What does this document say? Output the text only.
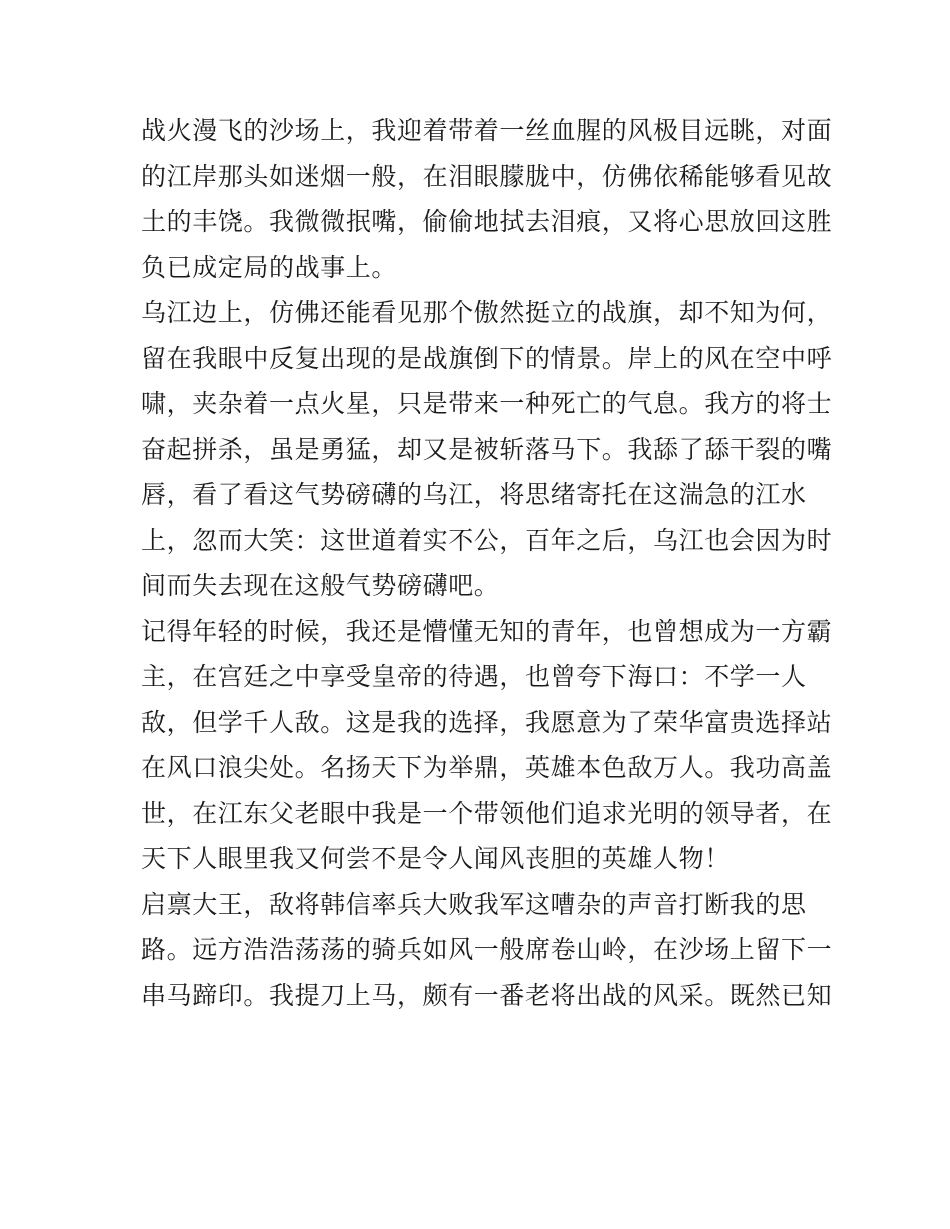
战火漫飞的沙场上，我迎着带着一丝血腥的风极目远眺，对面
的江岸那头如迷烟一般，在泪眼朦胧中，仿佛依稀能够看见故
土的丰饶。我微微抿嘴，偷偷地拭去泪痕，又将心思放回这胜
负已成定局的战事上。
乌江边上，仿佛还能看见那个傲然挺立的战旗，却不知为何，
留在我眼中反复出现的是战旗倒下的情景。岸上的风在空中呼
啸，夹杂着一点火星，只是带来一种死亡的气息。我方的将士
奋起拼杀，虽是勇猛，却又是被斩落马下。我舔了舔干裂的嘴
唇，看了看这气势磅礴的乌江，将思绪寄托在这湍急的江水
上，忽而大笑：这世道着实不公，百年之后，乌江也会因为时
间而失去现在这般气势磅礴吧。
记得年轻的时候，我还是懵懂无知的青年，也曾想成为一方霸
主，在宫廷之中享受皇帝的待遇，也曾夸下海口：不学一人
敌，但学千人敌。这是我的选择，我愿意为了荣华富贵选择站
在风口浪尖处。名扬天下为举鼎，英雄本色敌万人。我功高盖
世，在江东父老眼中我是一个带领他们追求光明的领导者，在
天下人眼里我又何尝不是令人闻风丧胆的英雄人物！
启禀大王，敌将韩信率兵大败我军这嘈杂的声音打断我的思
路。远方浩浩荡荡的骑兵如风一般席卷山岭，在沙场上留下一
串马蹄印。我提刀上马，颇有一番老将出战的风采。既然已知
